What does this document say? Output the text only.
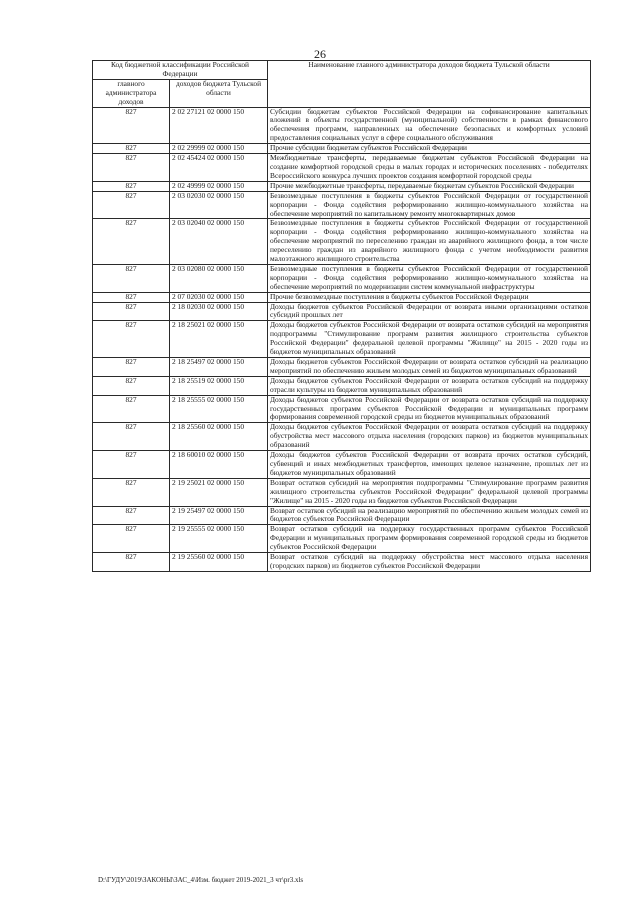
26
Код бюджетной классификации Российской Федерации		Наименование главного администратора доходов бюджета Тульской области
главного администратора доходов	доходов бюджета Тульской области	
827	2 02 27121 02 0000 150	Субсидии бюджетам субъектов Российской Федерации на софинансирование капитальных вложений в объекты государственной (муниципальной) собственности в рамках финансового обеспечения программ, направленных на обеспечение безопасных и комфортных условий предоставления социальных услуг в сфере социального обслуживания
827	2 02 29999 02 0000 150	Прочие субсидии бюджетам субъектов Российской Федерации
827	2 02 45424 02 0000 150	Межбюджетные трансферты, передаваемые бюджетам субъектов Российской Федерации на создание комфортной городской среды в малых городах и исторических поселениях - победителях Всероссийского конкурса лучших проектов создания комфортной городской среды
827	2 02 49999 02 0000 150	Прочие межбюджетные трансферты, передаваемые бюджетам субъектов Российской Федерации
827	2 03 02030 02 0000 150	Безвозмездные поступления в бюджеты субъектов Российской Федерации от государственной корпорации - Фонда содействия реформированию жилищно-коммунального хозяйства на обеспечение мероприятий по капитальному ремонту многоквартирных домов
827	2 03 02040 02 0000 150	Безвозмездные поступления в бюджеты субъектов Российской Федерации от государственной корпорации - Фонда содействия реформированию жилищно-коммунального хозяйства на обеспечение мероприятий по переселению граждан из аварийного жилищного фонда, в том числе переселению граждан из аварийного жилищного фонда с учетом необходимости развития малоэтажного жилищного строительства
827	2 03 02080 02 0000 150	Безвозмездные поступления в бюджеты субъектов Российской Федерации от государственной корпорации - Фонда содействия реформированию жилищно-коммунального хозяйства на обеспечение мероприятий по модернизации систем коммунальной инфраструктуры
827	2 07 02030 02 0000 150	Прочие безвозмездные поступления в бюджеты субъектов Российской Федерации
827	2 18 02030 02 0000 150	Доходы бюджетов субъектов Российской Федерации от возврата иными организациями остатков субсидий прошлых лет
827	2 18 25021 02 0000 150	Доходы бюджетов субъектов Российской Федерации от возврата остатков субсидий на мероприятия подпрограммы "Стимулирование программ развития жилищного строительства субъектов Российской Федерации" федеральной целевой программы "Жилище" на 2015 - 2020 годы из бюджетов муниципальных образований
827	2 18 25497 02 0000 150	Доходы бюджетов субъектов Российской Федерации от возврата остатков субсидий на реализацию мероприятий по обеспечению жильем молодых семей из бюджетов муниципальных образований
827	2 18 25519 02 0000 150	Доходы бюджетов субъектов Российской Федерации от возврата остатков субсидий на поддержку отрасли культуры из бюджетов муниципальных образований
827	2 18 25555 02 0000 150	Доходы бюджетов субъектов Российской Федерации от возврата остатков субсидий на поддержку государственных программ субъектов Российской Федерации и муниципальных программ формирования современной городской среды из бюджетов муниципальных образований
827	2 18 25560 02 0000 150	Доходы бюджетов субъектов Российской Федерации от возврата остатков субсидий на поддержку обустройства мест массового отдыха населения (городских парков) из бюджетов муниципальных образований
827	2 18 60010 02 0000 150	Доходы бюджетов субъектов Российской Федерации от возврата прочих остатков субсидий, субвенций и иных межбюджетных трансфертов, имеющих целевое назначение, прошлых лет из бюджетов муниципальных образований
827	2 19 25021 02 0000 150	Возврат остатков субсидий на мероприятия подпрограммы "Стимулирование программ развития жилищного строительства субъектов Российской Федерации" федеральной целевой программы "Жилище" на 2015 - 2020 годы из бюджетов субъектов Российской Федерации
827	2 19 25497 02 0000 150	Возврат остатков субсидий на реализацию мероприятий по обеспечению жильем молодых семей из бюджетов субъектов Российской Федерации
827	2 19 25555 02 0000 150	Возврат остатков субсидий на поддержку государственных программ субъектов Российской Федерации и муниципальных программ формирования современной городской среды из бюджетов субъектов Российской Федерации
827	2 19 25560 02 0000 150	Возврат остатков субсидий на поддержку обустройства мест массового отдыха населения (городских парков) из бюджетов субъектов Российской Федерации
D:\ГУДУ\2019\ЗАКОНЫ\ЗАС_4\Изм. бюджет 2019-2021_3 чт\pr3.xls
